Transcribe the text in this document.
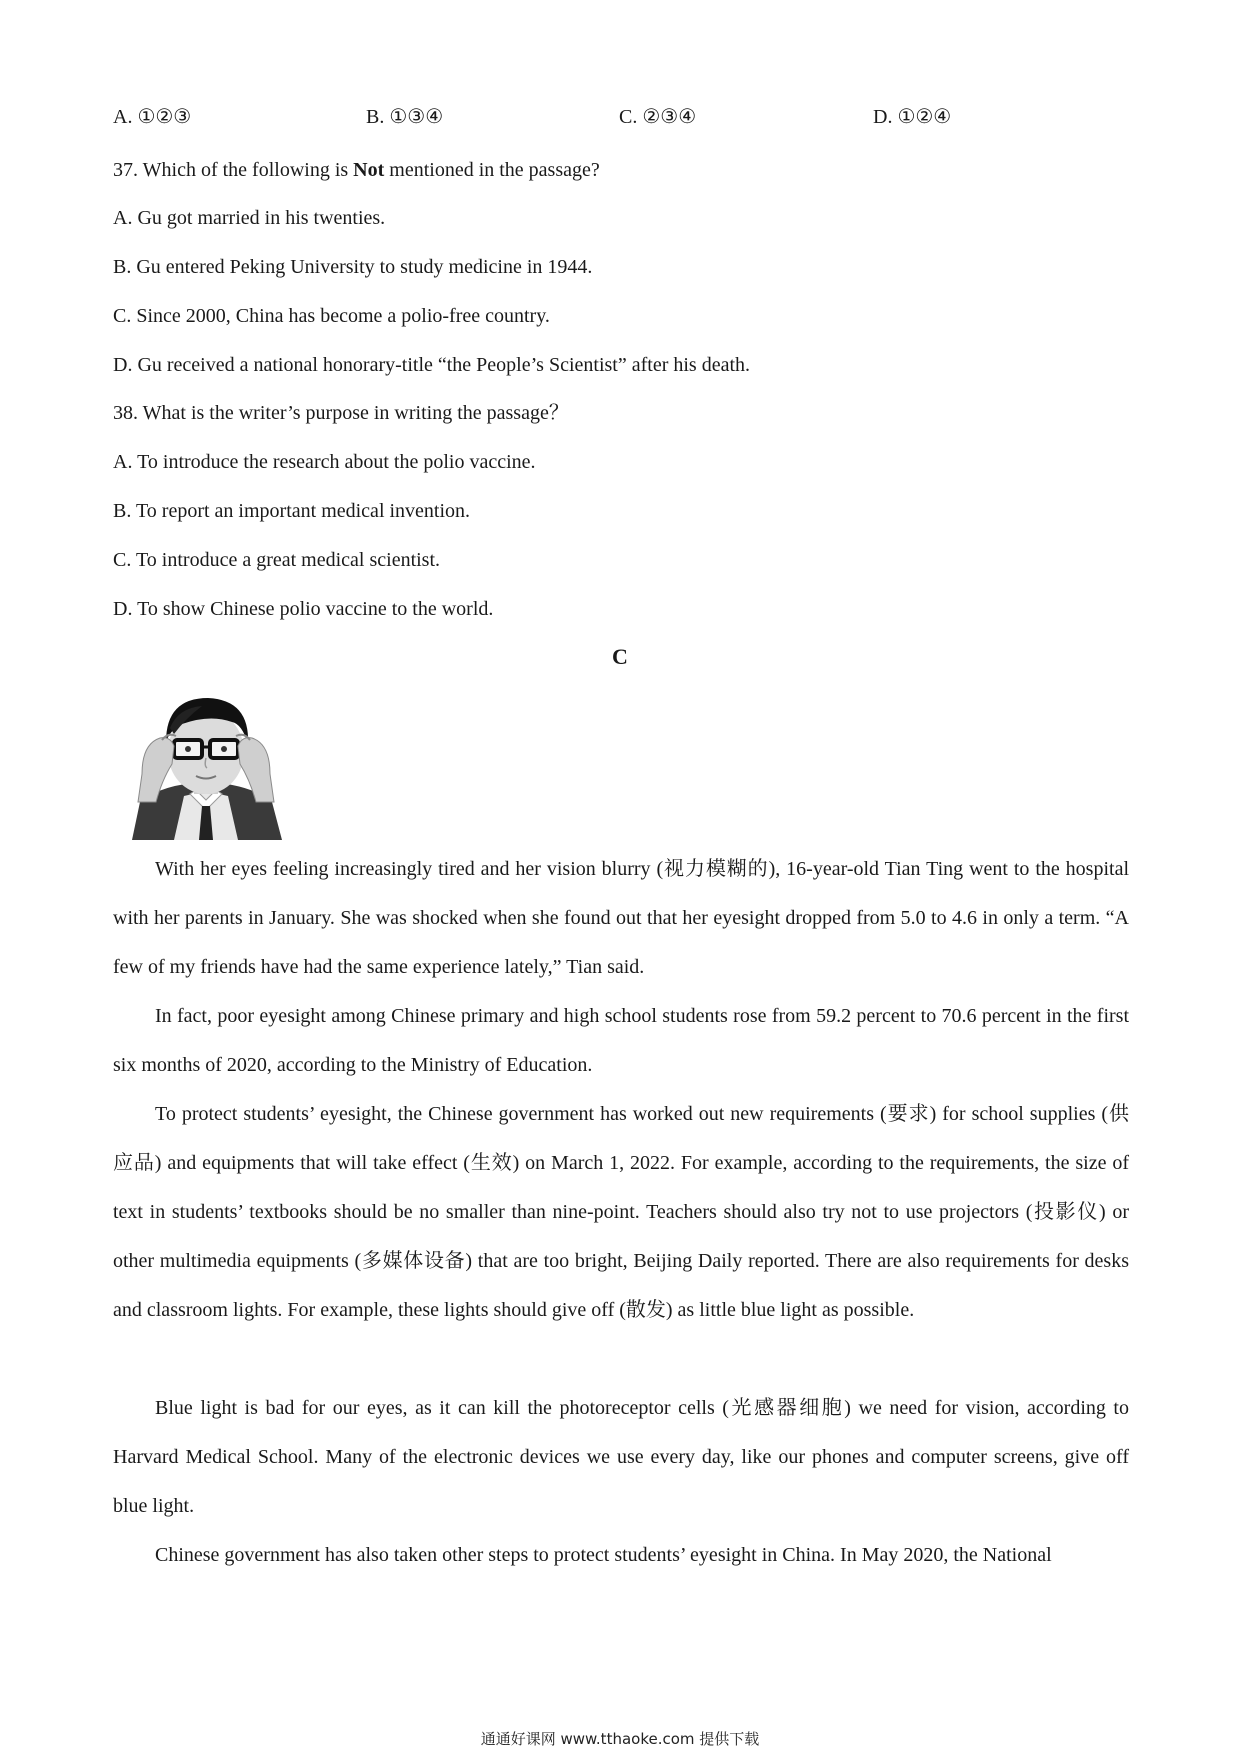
A. ①②③	B. ①③④	C. ②③④	D. ①②④
37. Which of the following is Not mentioned in the passage?
A. Gu got married in his twenties.
B. Gu entered Peking University to study medicine in 1944.
C. Since 2000, China has become a polio-free country.
D. Gu received a national honorary-title “the People’s Scientist” after his death.
38. What is the writer’s purpose in writing the passage？
A. To introduce the research about the polio vaccine.
B. To report an important medical invention.
C. To introduce a great medical scientist.
D. To show Chinese polio vaccine to the world.
C
With her eyes feeling increasingly tired and her vision blurry (视力模糊的), 16-year-old Tian Ting went to the hospital with her parents in January. She was shocked when she found out that her eyesight dropped from 5.0 to 4.6 in only a term. “A few of my friends have had the same experience lately,” Tian said.
In fact, poor eyesight among Chinese primary and high school students rose from 59.2 percent to 70.6 percent in the first six months of 2020, according to the Ministry of Education.
To protect students’ eyesight, the Chinese government has worked out new requirements (要求) for school supplies (供应品) and equipments that will take effect (生效) on March 1, 2022. For example, according to the requirements, the size of text in students’ textbooks should be no smaller than nine-point. Teachers should also try not to use projectors (投影仪) or other multimedia equipments (多媒体设备) that are too bright, Beijing Daily reported. There are also requirements for desks and classroom lights. For example, these lights should give off (散发) as little blue light as possible.
Blue light is bad for our eyes, as it can kill the photoreceptor cells (光感器细胞) we need for vision, according to Harvard Medical School. Many of the electronic devices we use every day, like our phones and computer screens, give off blue light.
Chinese government has also taken other steps to protect students’ eyesight in China. In May 2020, the National
通通好课网 www.tthaoke.com 提供下载
